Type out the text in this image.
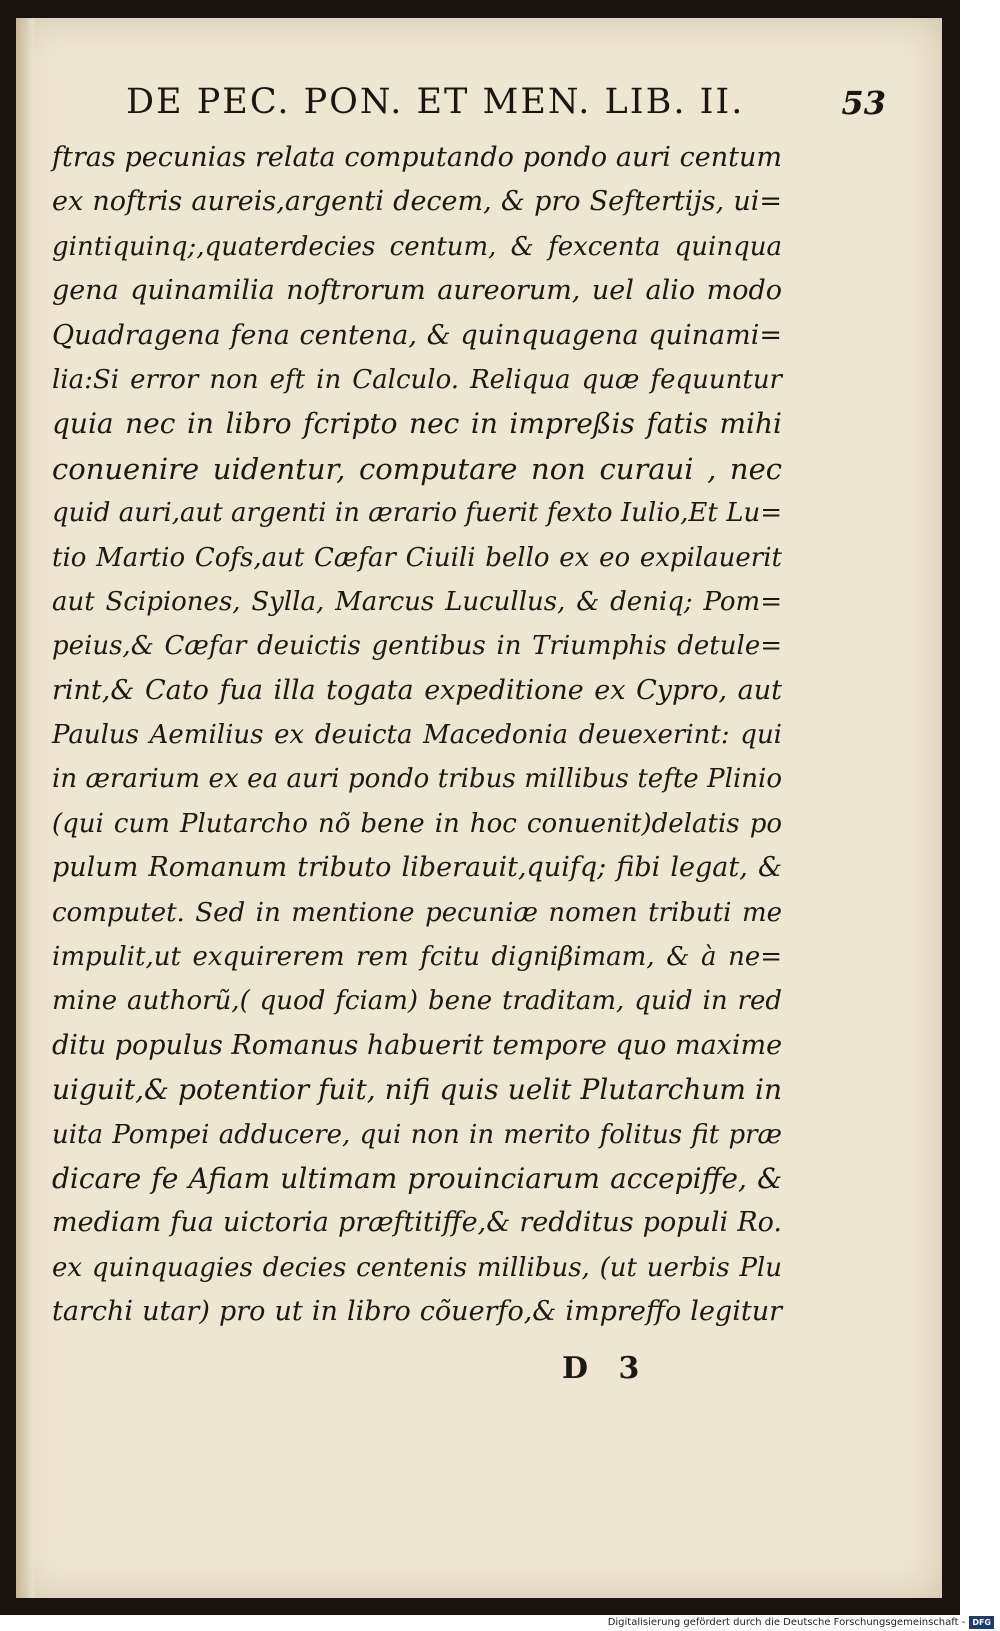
DE PEC. PON. ET MEN. LIB. II.	53
ftras pecunias relata computando pondo auri centum
ex noftris aureis,argenti decem, & pro Seftertijs, ui=
gintiquinq;,quaterdecies centum, & fexcenta quinqua
gena quinamilia noftrorum aureorum, uel alio modo
Quadragena fena centena, & quinquagena quinami=
lia:Si error non eft in Calculo. Reliqua quæ fequuntur
quia nec in libro fcripto nec in impreßis fatis mihi
conuenire uidentur, computare non curaui , nec
quid auri,aut argenti in ærario fuerit fexto Iulio,Et Lu=
tio Martio Cofs,aut Cæfar Ciuili bello ex eo expilauerit
aut Scipiones, Sylla, Marcus Lucullus, & deniq; Pom=
peius,& Cæfar deuictis gentibus in Triumphis detule=
rint,& Cato fua illa togata expeditione ex Cypro, aut
Paulus Aemilius ex deuicta Macedonia deuexerint: qui
in ærarium ex ea auri pondo tribus millibus tefte Plinio
(qui cum Plutarcho nõ bene in hoc conuenit)delatis po
pulum Romanum tributo liberauit,quifq; fibi legat, &
computet. Sed in mentione pecuniæ nomen tributi me
impulit,ut exquirerem rem fcitu digniβimam, & à ne=
mine authorũ,( quod fciam) bene traditam, quid in red
ditu populus Romanus habuerit tempore quo maxime
uiguit,& potentior fuit, nifi quis uelit Plutarchum in
uita Pompei adducere, qui non in merito folitus fit præ
dicare fe Afiam ultimam prouinciarum accepiffe, &
mediam fua uictoria præftitiffe,& redditus populi Ro.
ex quinquagies decies centenis millibus, (ut uerbis Plu
tarchi utar) pro ut in libro cõuerfo,& impreffo legitur
D 3
Digitalisierung gefördert durch die Deutsche Forschungsgemeinschaft - DFG
